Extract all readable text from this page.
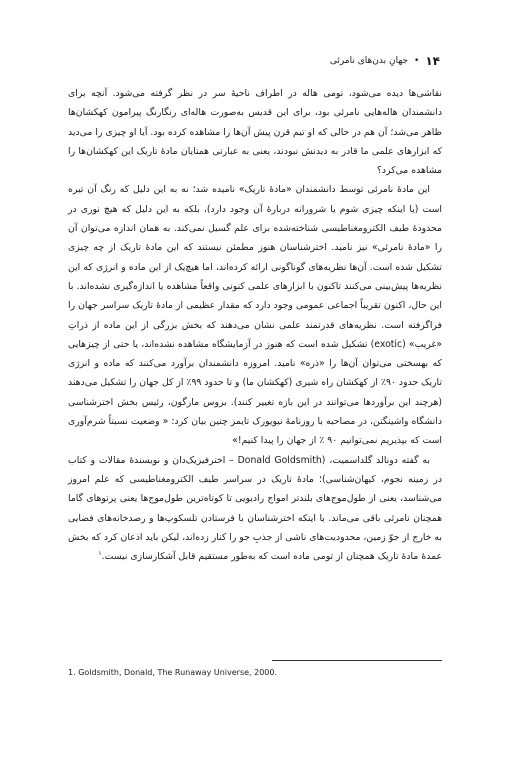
۱۴
•
جهانِ بدن‌های نامرئی

نقاشی‌ها دیده می‌شود، تومی هاله در اطراف ناحیهٔ سر در نظر گرفته می‌شود. آنچه برای دانشمندان هاله‌هایی نامرئی بود، برای این قدیس به‌صورت هاله‌ای رنگارنگ پیرامون کهکشان‌ها ظاهر می‌شد؛ آن هم در حالی که او تیم قرن پیش آن‌ها را مشاهده کرده بود. آیا او چیزی را می‌دید که ابزارهای علمی ما قادر به دیدنش نبودند، یعنی به عبارتی همتایان مادهٔ تاریک این کهکشان‌ها را مشاهده می‌کرد؟

این مادهٔ نامرئی توسط دانشمندان «مادهٔ تاریک» نامیده شد؛ نه به این دلیل که رنگ آن تیره است (یا اینکه چیزی شوم یا شرورانه دربارهٔ آن وجود دارد)، بلکه به این دلیل که هیچ نوری در محدودهٔ طیف الکترومغناطیسی شناخته‌شده برای علم گسیل نمی‌کند. به همان اندازه می‌توان آن را «مادهٔ نامرئی» نیز نامید. اخترشناسان هنوز مطمئن نیستند که این مادهٔ تاریک از چه چیزی تشکیل شده است. آن‌ها نظریه‌های گوناگونی ارائه کرده‌اند، اما هیچ‌یک از این ماده و انرژی که این نظریه‌ها پیش‌بینی می‌کنند تاکنون با ابزارهای علمی کنونی واقعاً مشاهده یا اندازه‌گیری نشده‌اند. با این حال، اکنون تقریباً اجماعی عمومی وجود دارد که مقدار عظیمی از مادهٔ تاریک سراسر جهان را فراگرفته است. نظریه‌های قدرتمند علمی نشان می‌دهند که بخش بزرگی از این ماده از ذراتِ «غریب» (exotic) تشکیل شده است که هنوز در آزمایشگاه مشاهده نشده‌اند، یا حتی از چیزهایی که بهسختی می‌توان آن‌ها را «ذره» نامید. امروزه دانشمندان برآورد می‌کنند که ماده و انرژی تاریک حدود ۹۰٪ از کهکشان راه شیری (کهکشان ما) و تا حدود ۹۹٪ از کل جهان را تشکیل می‌دهند (هرچند این برآوردها می‌توانند در این بازه تغییر کنند). بروس مارگون، رئیس بخش اخترشناسی دانشگاه واشینگتن، در مصاحبه با روزنامهٔ نیویورک تایمز چنین بیان کرد: « وضعیت نسبتاً شرم‌آوری است که بپذیریم نمی‌توانیم ۹۰ ٪ از جهان را پیدا کنیم!»

به گفته دونالد گلداسمیت، (Donald Goldsmith – اخترفیزیک‌دان و نویسندهٔ مقالات و کتاب در زمینه نجوم، کیهان‌شناسی)؛ مادهٔ تاریک در سراسر طیف الکترومغناطیسی که علم امروز می‌شناسد، یعنی از طول‌موج‌های بلندتر امواج رادیویی تا کوتاه‌ترین طول‌موج‌ها یعنی پرتوهای گاما همچنان نامرئی باقی می‌ماند. با اینکه اخترشناسان با فرستادن تلسکوپ‌ها و رصدخانه‌های فضایی به خارج از جوّ زمین، محدودیت‌های ناشی از جذبِ جو را کنار زده‌اند، لیکن باید اذعان کرد که بخش عمدهٔ مادهٔ تاریک همچنان از تومی ماده است که به‌طور مستقیم قابل آشکارسازی نیست.$^۱$

1. Goldsmith, Donald, The Runaway Universe, 2000.
